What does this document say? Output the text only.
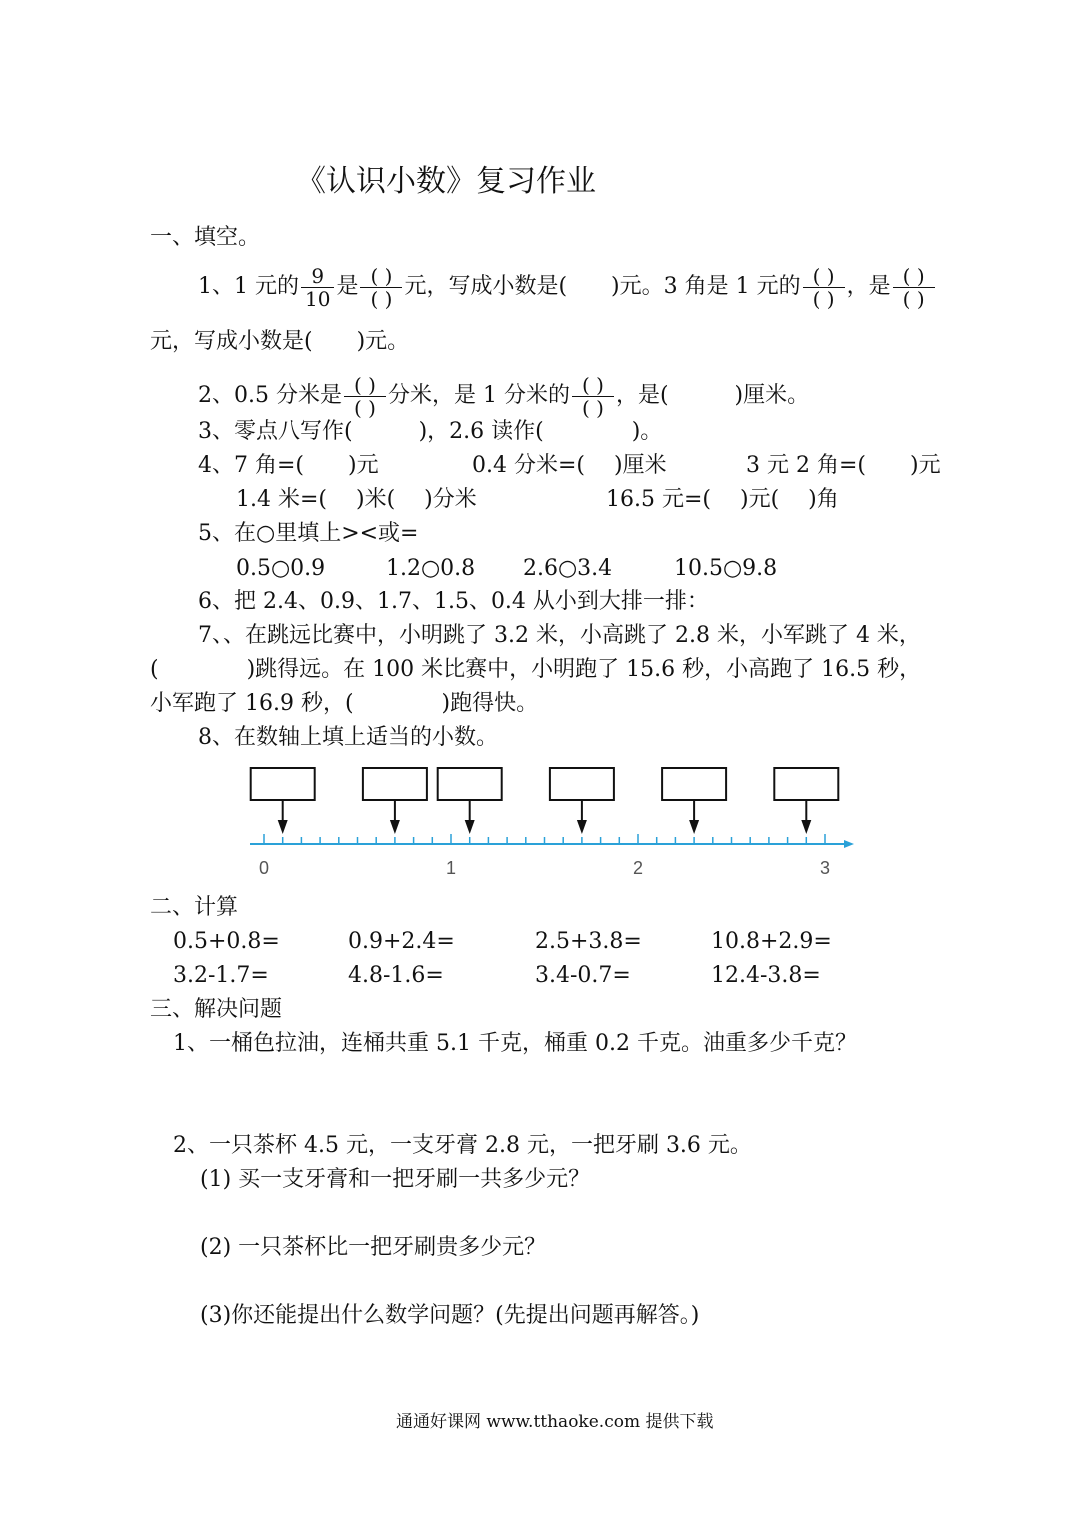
《认识小数》复习作业
一、填空。
1、1 元的 $\frac{9}{10}$ 是 $\frac{( )}{( )}$ 元，写成小数是(　　)元。3 角是 1 元的 $\frac{( )}{( )}$ ，是 $\frac{( )}{( )}$
元，写成小数是(　　)元。
2、0.5 分米是 $\frac{( )}{( )}$ 分米，是 1 分米的 $\frac{( )}{( )}$ ，是(　　　)厘米。
3、零点八写作(　　　)，2.6 读作(　　　　)。
4、7 角=(　　)元	0.4 分米=(　 )厘米	3 元 2 角=(　　)元
1.4 米=(　 )米(　 )分米	16.5 元=(　 )元(　 )角
5、在○里填上><或=
0.5○0.9	1.2○0.8 2.6○3.4	10.5○9.8
6、把 2.4、0.9、1.7、1.5、0.4 从小到大排一排：
7、、在跳远比赛中，小明跳了 3.2 米，小高跳了 2.8 米，小军跳了 4 米，
(　　　　)跳得远。在 100 米比赛中，小明跑了 15.6 秒，小高跑了 16.5 秒，
小军跑了 16.9 秒，(　　　　)跑得快。
8、在数轴上填上适当的小数。
0	1	2	3
二、计算
0.5+0.8=	0.9+2.4=	2.5+3.8=	10.8+2.9=
3.2-1.7=	4.8-1.6=	3.4-0.7=	12.4-3.8=
三、解决问题
1、一桶色拉油，连桶共重 5.1 千克，桶重 0.2 千克。油重多少千克？
2、一只茶杯 4.5 元，一支牙膏 2.8 元，一把牙刷 3.6 元。
(1) 买一支牙膏和一把牙刷一共多少元？
(2) 一只茶杯比一把牙刷贵多少元？
(3)你还能提出什么数学问题？(先提出问题再解答。)
通通好课网 www.tthaoke.com 提供下载
